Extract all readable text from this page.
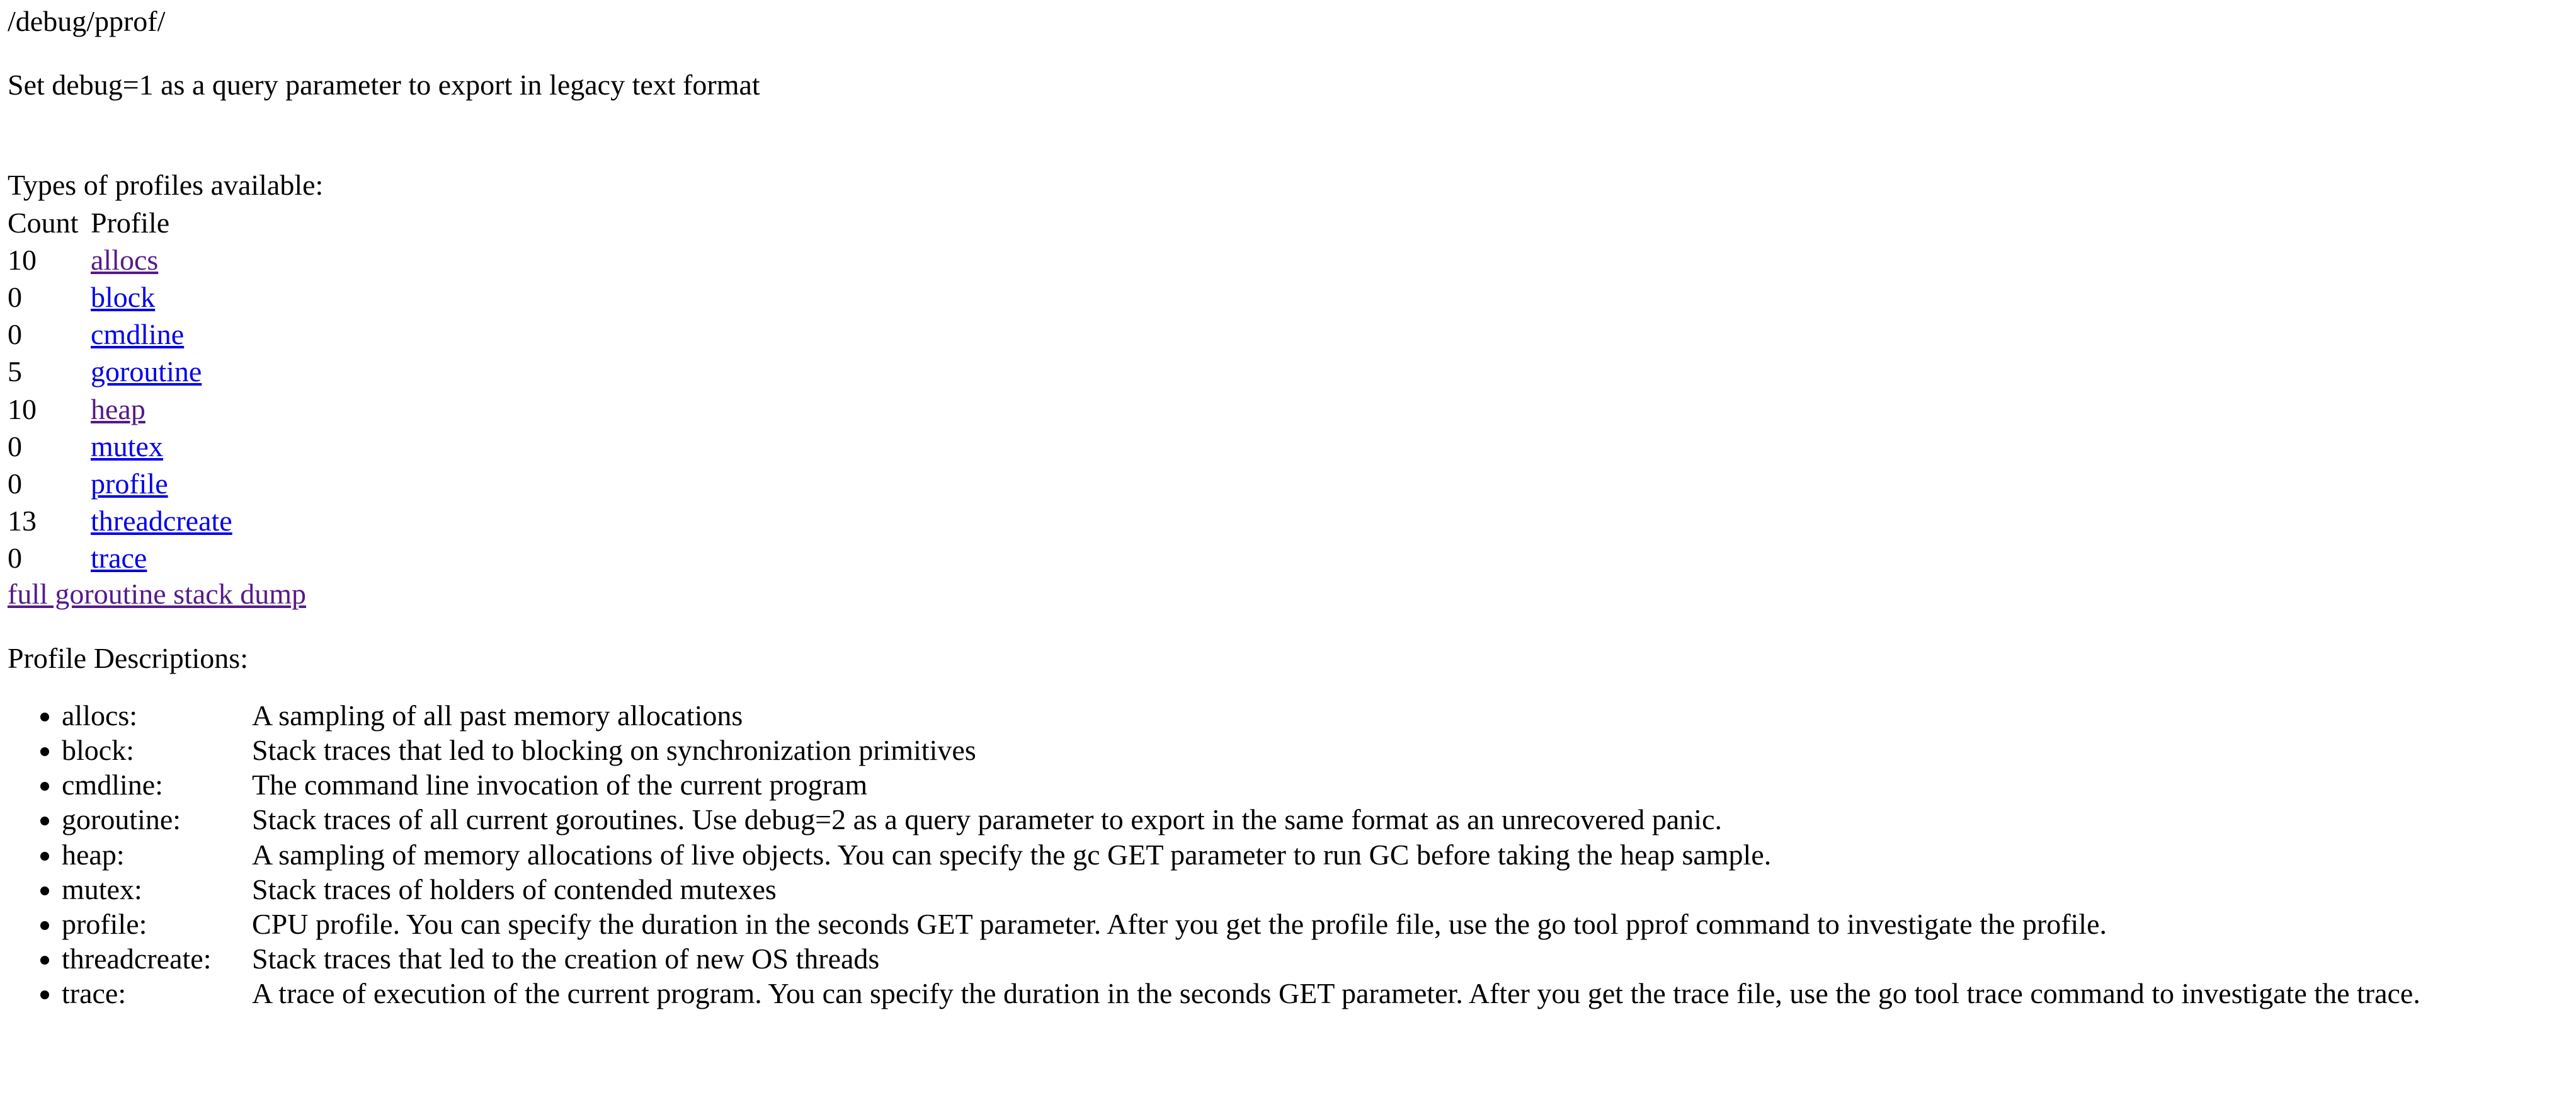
/debug/pprof/

Set debug=1 as a query parameter to export in legacy text format

Types of profiles available:
Count	Profile
10	allocs
0	block
0	cmdline
5	goroutine
10	heap
0	mutex
0	profile
13	threadcreate
0	trace
full goroutine stack dump

Profile Descriptions:

• allocs:	A sampling of all past memory allocations
• block:	Stack traces that led to blocking on synchronization primitives
• cmdline:	The command line invocation of the current program
• goroutine:	Stack traces of all current goroutines. Use debug=2 as a query parameter to export in the same format as an unrecovered panic.
• heap:	A sampling of memory allocations of live objects. You can specify the gc GET parameter to run GC before taking the heap sample.
• mutex:	Stack traces of holders of contended mutexes
• profile:	CPU profile. You can specify the duration in the seconds GET parameter. After you get the profile file, use the go tool pprof command to investigate the profile.
• threadcreate:	Stack traces that led to the creation of new OS threads
• trace:	A trace of execution of the current program. You can specify the duration in the seconds GET parameter. After you get the trace file, use the go tool trace command to investigate the trace.
